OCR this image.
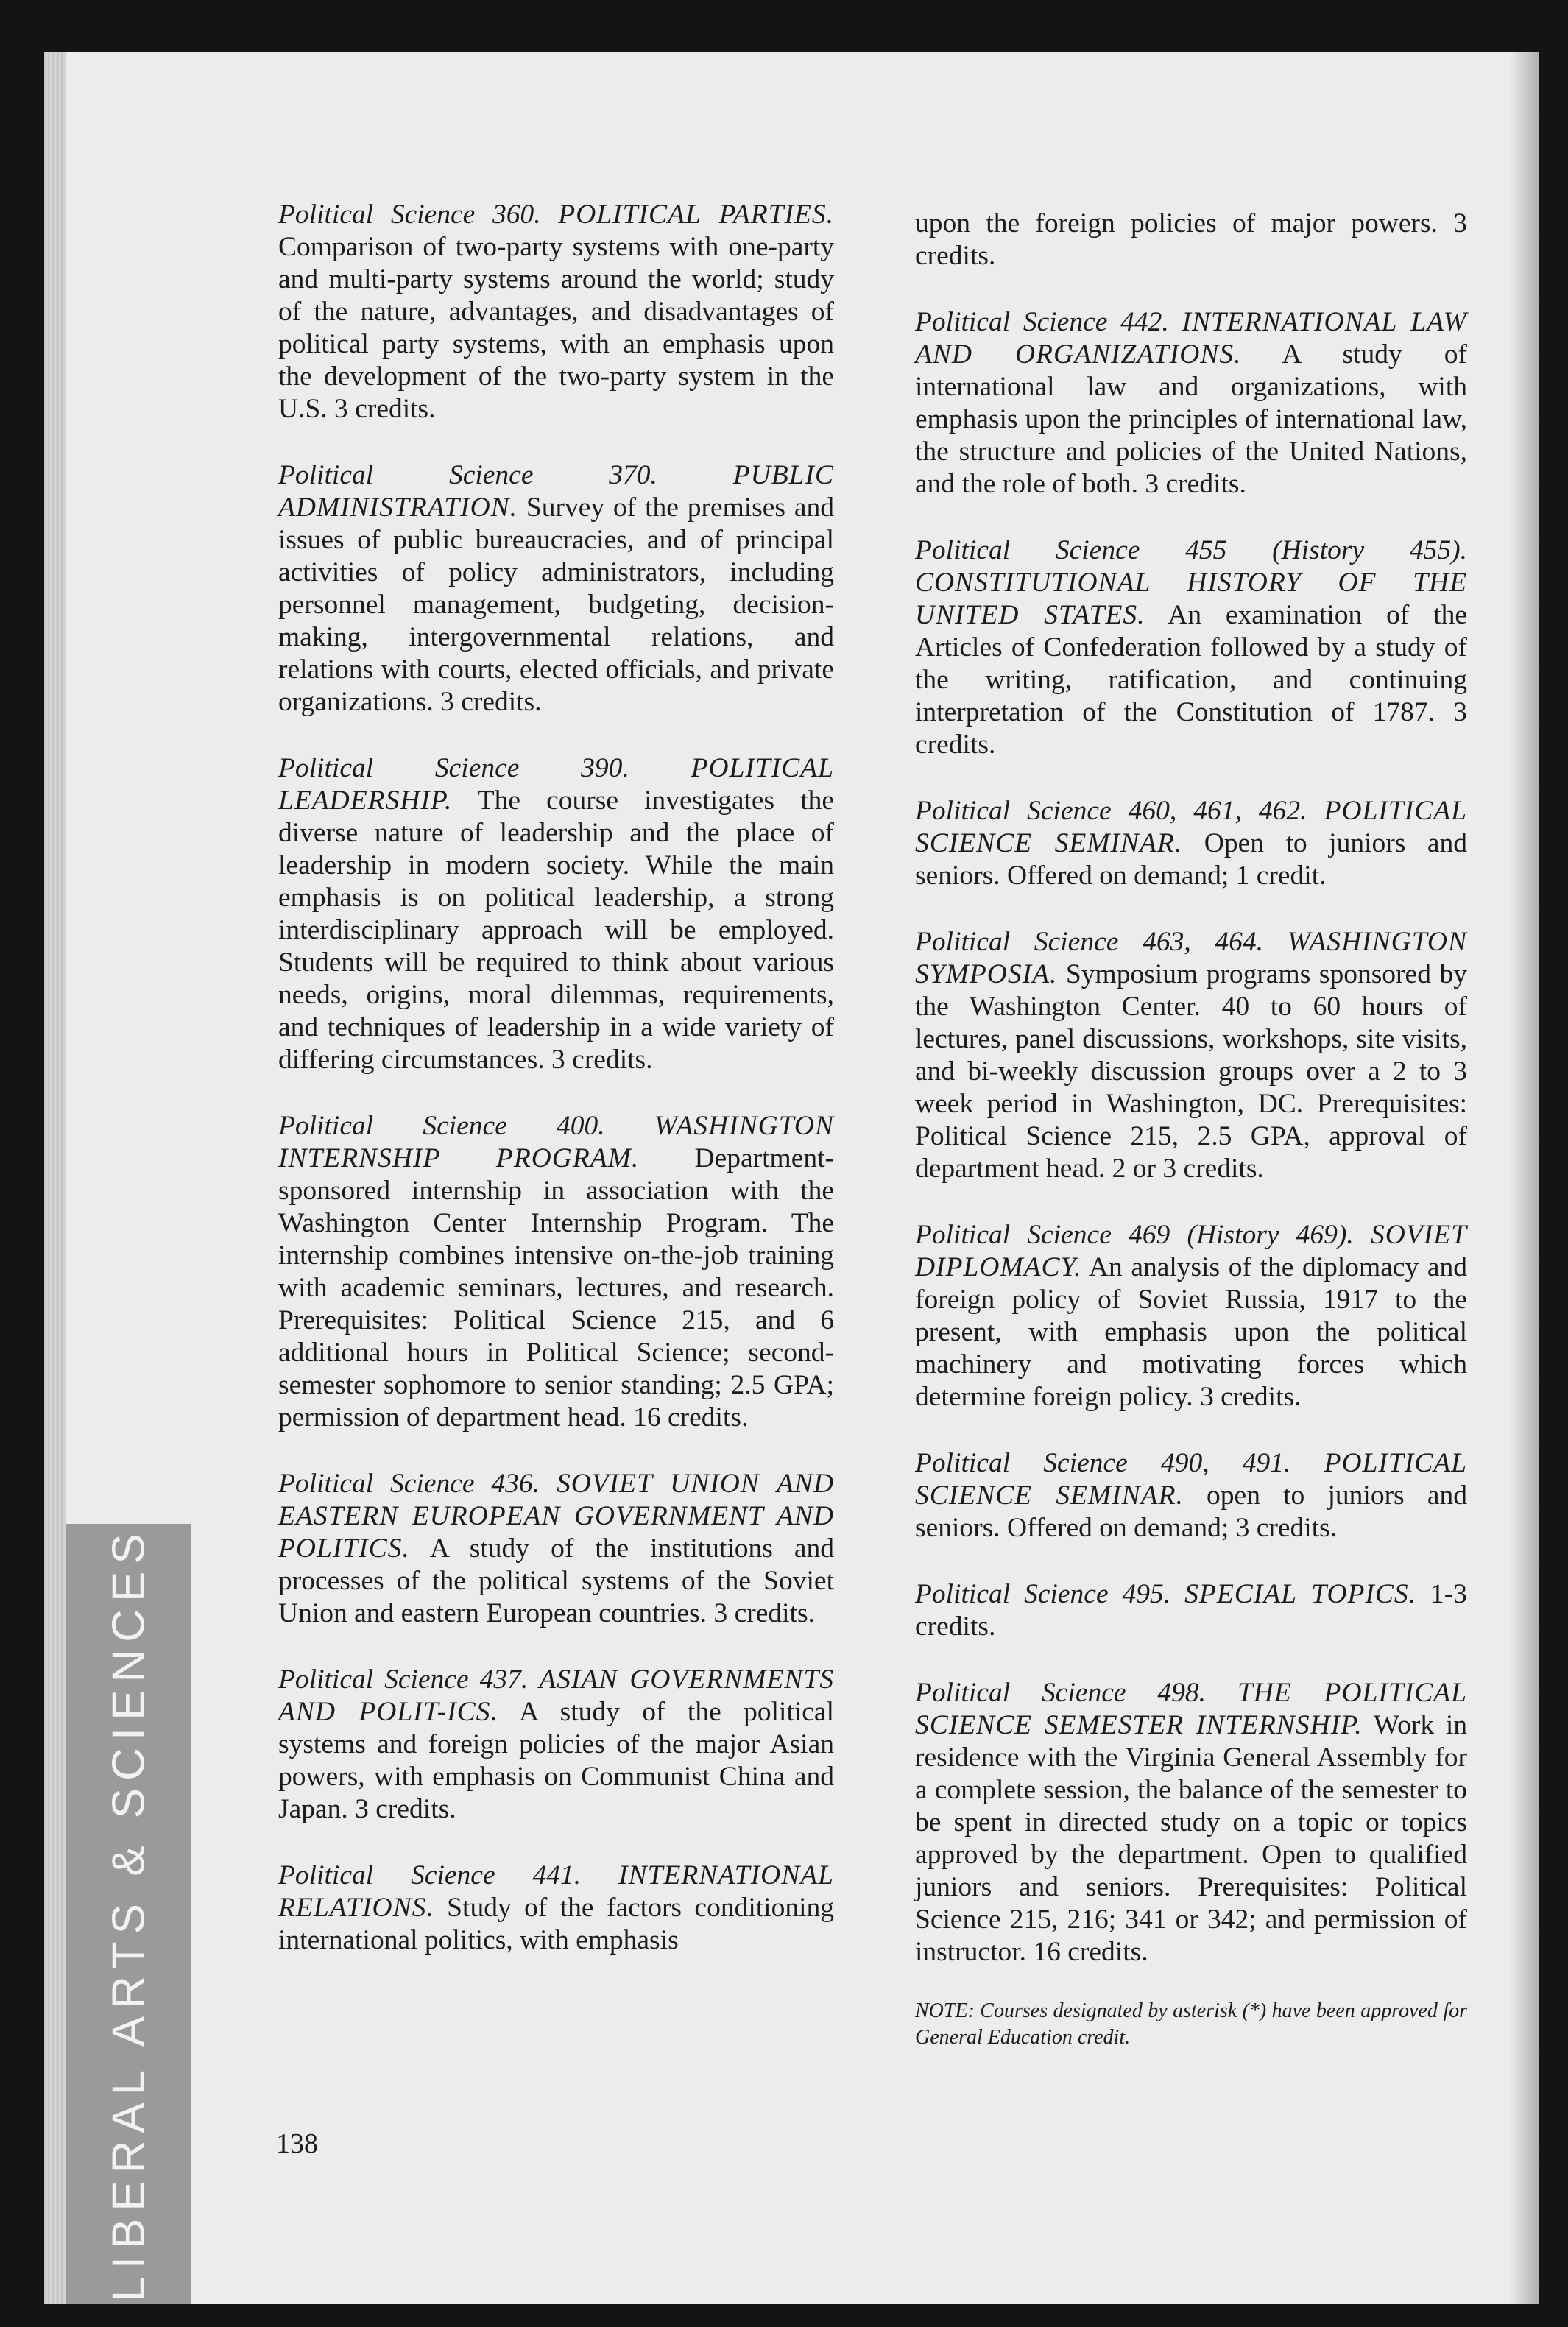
LIBERAL ARTS & SCIENCES

Political Science 360. POLITICAL PARTIES. Comparison of two-party systems with one-party and multi-party systems around the world; study of the nature, advantages, and disadvantages of political party systems, with an emphasis upon the development of the two-party system in the U.S. 3 credits.

Political Science 370.	PUBLIC ADMINISTRATION. Survey of the premises and issues of public bureaucracies, and of principal activities of policy administrators, including personnel management, budgeting, decision-making, intergovernmental relations, and relations with courts, elected officials, and private organizations. 3 credits.

Political Science 390. POLITICAL LEADERSHIP. The course investigates the diverse nature of leadership and the place of leadership in modern society. While the main emphasis is on political leadership, a strong interdisciplinary approach will be employed. Students will be required to think about various needs, origins, moral dilemmas, requirements, and techniques of leadership in a wide variety of differing circumstances. 3 credits.

Political Science 400. WASHINGTON INTERNSHIP PROGRAM. Department-sponsored internship in association with the Washington Center Internship Program. The internship combines intensive on-the-job training with academic seminars, lectures, and research. Prerequisites: Political Science 215, and 6 additional hours in Political Science; second-semester sophomore to senior standing; 2.5 GPA; permission of department head. 16 credits.

Political Science 436. SOVIET UNION AND EASTERN EUROPEAN GOVERNMENT AND POLITICS. A study of the institutions and processes of the political systems of the Soviet Union and eastern European countries. 3 credits.

Political Science 437. ASIAN GOVERNMENTS AND POLIT-ICS. A study of the political systems and foreign policies of the major Asian powers, with emphasis on Communist China and Japan. 3 credits.

Political Science 441. INTERNATIONAL RELATIONS. Study of the factors conditioning international politics, with emphasis

upon the foreign policies of major powers. 3 credits.

Political Science 442. INTERNATIONAL LAW AND ORGANIZATIONS. A study of international law and organizations, with emphasis upon the principles of international law, the structure and policies of the United Nations, and the role of both. 3 credits.

Political Science 455 (History 455). CONSTITUTIONAL HISTORY OF THE UNITED STATES. An examination of the Articles of Confederation followed by a study of the writing, ratification, and continuing interpretation of the Constitution of 1787. 3 credits.

Political Science 460, 461, 462. POLITICAL SCIENCE SEMINAR. Open to juniors and seniors. Offered on demand; 1 credit.

Political Science 463, 464. WASHINGTON SYMPOSIA. Symposium programs sponsored by the Washington Center. 40 to 60 hours of lectures, panel discussions, workshops, site visits, and bi-weekly discussion groups over a 2 to 3 week period in Washington, DC. Prerequisites: Political Science 215, 2.5 GPA, approval of department head. 2 or 3 credits.

Political Science 469 (History 469). SOVIET DIPLOMACY. An analysis of the diplomacy and foreign policy of Soviet Russia, 1917 to the present, with emphasis upon the political machinery and motivating forces which determine foreign policy. 3 credits.

Political Science 490, 491. POLITICAL SCIENCE SEMINAR. open to juniors and seniors. Offered on demand; 3 credits.

Political Science 495. SPECIAL TOPICS. 1-3 credits.

Political Science 498. THE POLITICAL SCIENCE SEMESTER INTERNSHIP. Work in residence with the Virginia General Assembly for a complete session, the balance of the semester to be spent in directed study on a topic or topics approved by the department. Open to qualified juniors and seniors. Prerequisites: Political Science 215, 216; 341 or 342; and permission of instructor. 16 credits.

NOTE: Courses designated by asterisk (*) have been approved for General Education credit.

138
